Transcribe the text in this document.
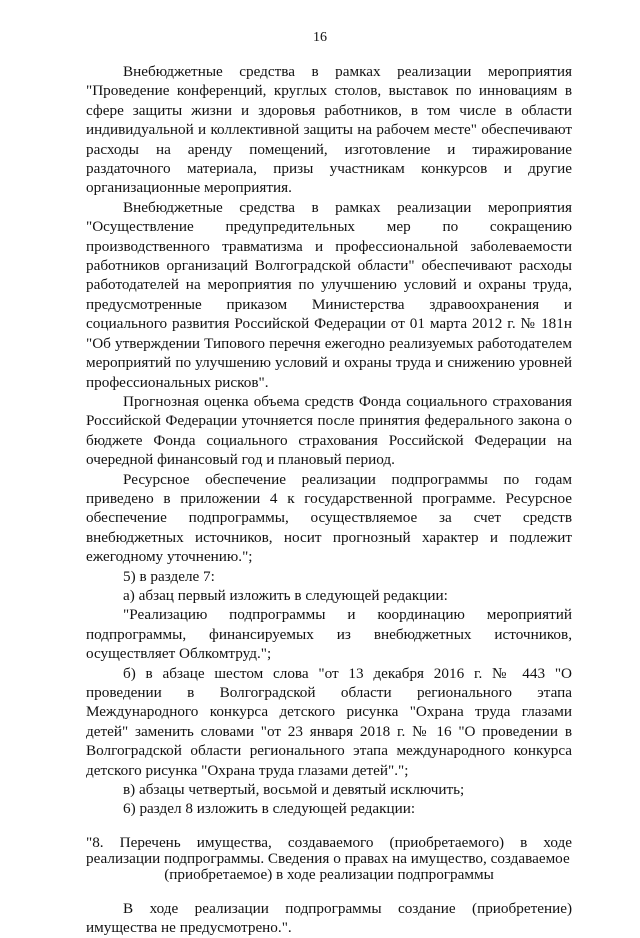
16

Внебюджетные средства в рамках реализации мероприятия "Проведение конференций, круглых столов, выставок по инновациям в сфере защиты жизни и здоровья работников, в том числе в области индивидуальной и коллективной защиты на рабочем месте" обеспечивают расходы на аренду помещений, изготовление и тиражирование раздаточного материала, призы участникам конкурсов и другие организационные мероприятия.

Внебюджетные средства в рамках реализации мероприятия "Осуществление предупредительных мер по сокращению производственного травматизма и профессиональной заболеваемости работников организаций Волгоградской области" обеспечивают расходы работодателей на мероприятия по улучшению условий и охраны труда, предусмотренные приказом Министерства здравоохранения и социального развития Российской Федерации от 01 марта 2012 г. № 181н "Об утверждении Типового перечня ежегодно реализуемых работодателем мероприятий по улучшению условий и охраны труда и снижению уровней профессиональных рисков".

Прогнозная оценка объема средств Фонда социального страхования Российской Федерации уточняется после принятия федерального закона о бюджете Фонда социального страхования Российской Федерации на очередной финансовый год и плановый период.

Ресурсное обеспечение реализации подпрограммы по годам приведено в приложении 4 к государственной программе. Ресурсное обеспечение подпрограммы, осуществляемое за счет средств внебюджетных источников, носит прогнозный характер и подлежит ежегодному уточнению.";

5) в разделе 7:

а) абзац первый изложить в следующей редакции:

"Реализацию подпрограммы и координацию мероприятий подпрограммы, финансируемых из внебюджетных источников, осуществляет Облкомтруд.";

б) в абзаце шестом слова "от 13 декабря 2016 г. № 443 "О проведении в Волгоградской области регионального этапа Международного конкурса детского рисунка "Охрана труда глазами детей" заменить словами "от 23 января 2018 г. № 16 "О проведении в Волгоградской области регионального этапа международного конкурса детского рисунка "Охрана труда глазами детей".";

в) абзацы четвертый, восьмой и девятый исключить;

6) раздел 8 изложить в следующей редакции:

"8. Перечень имущества, создаваемого (приобретаемого) в ходе реализации подпрограммы. Сведения о правах на имущество, создаваемое
(приобретаемое) в ходе реализации подпрограммы

В ходе реализации подпрограммы создание (приобретение) имущества не предусмотрено.".
